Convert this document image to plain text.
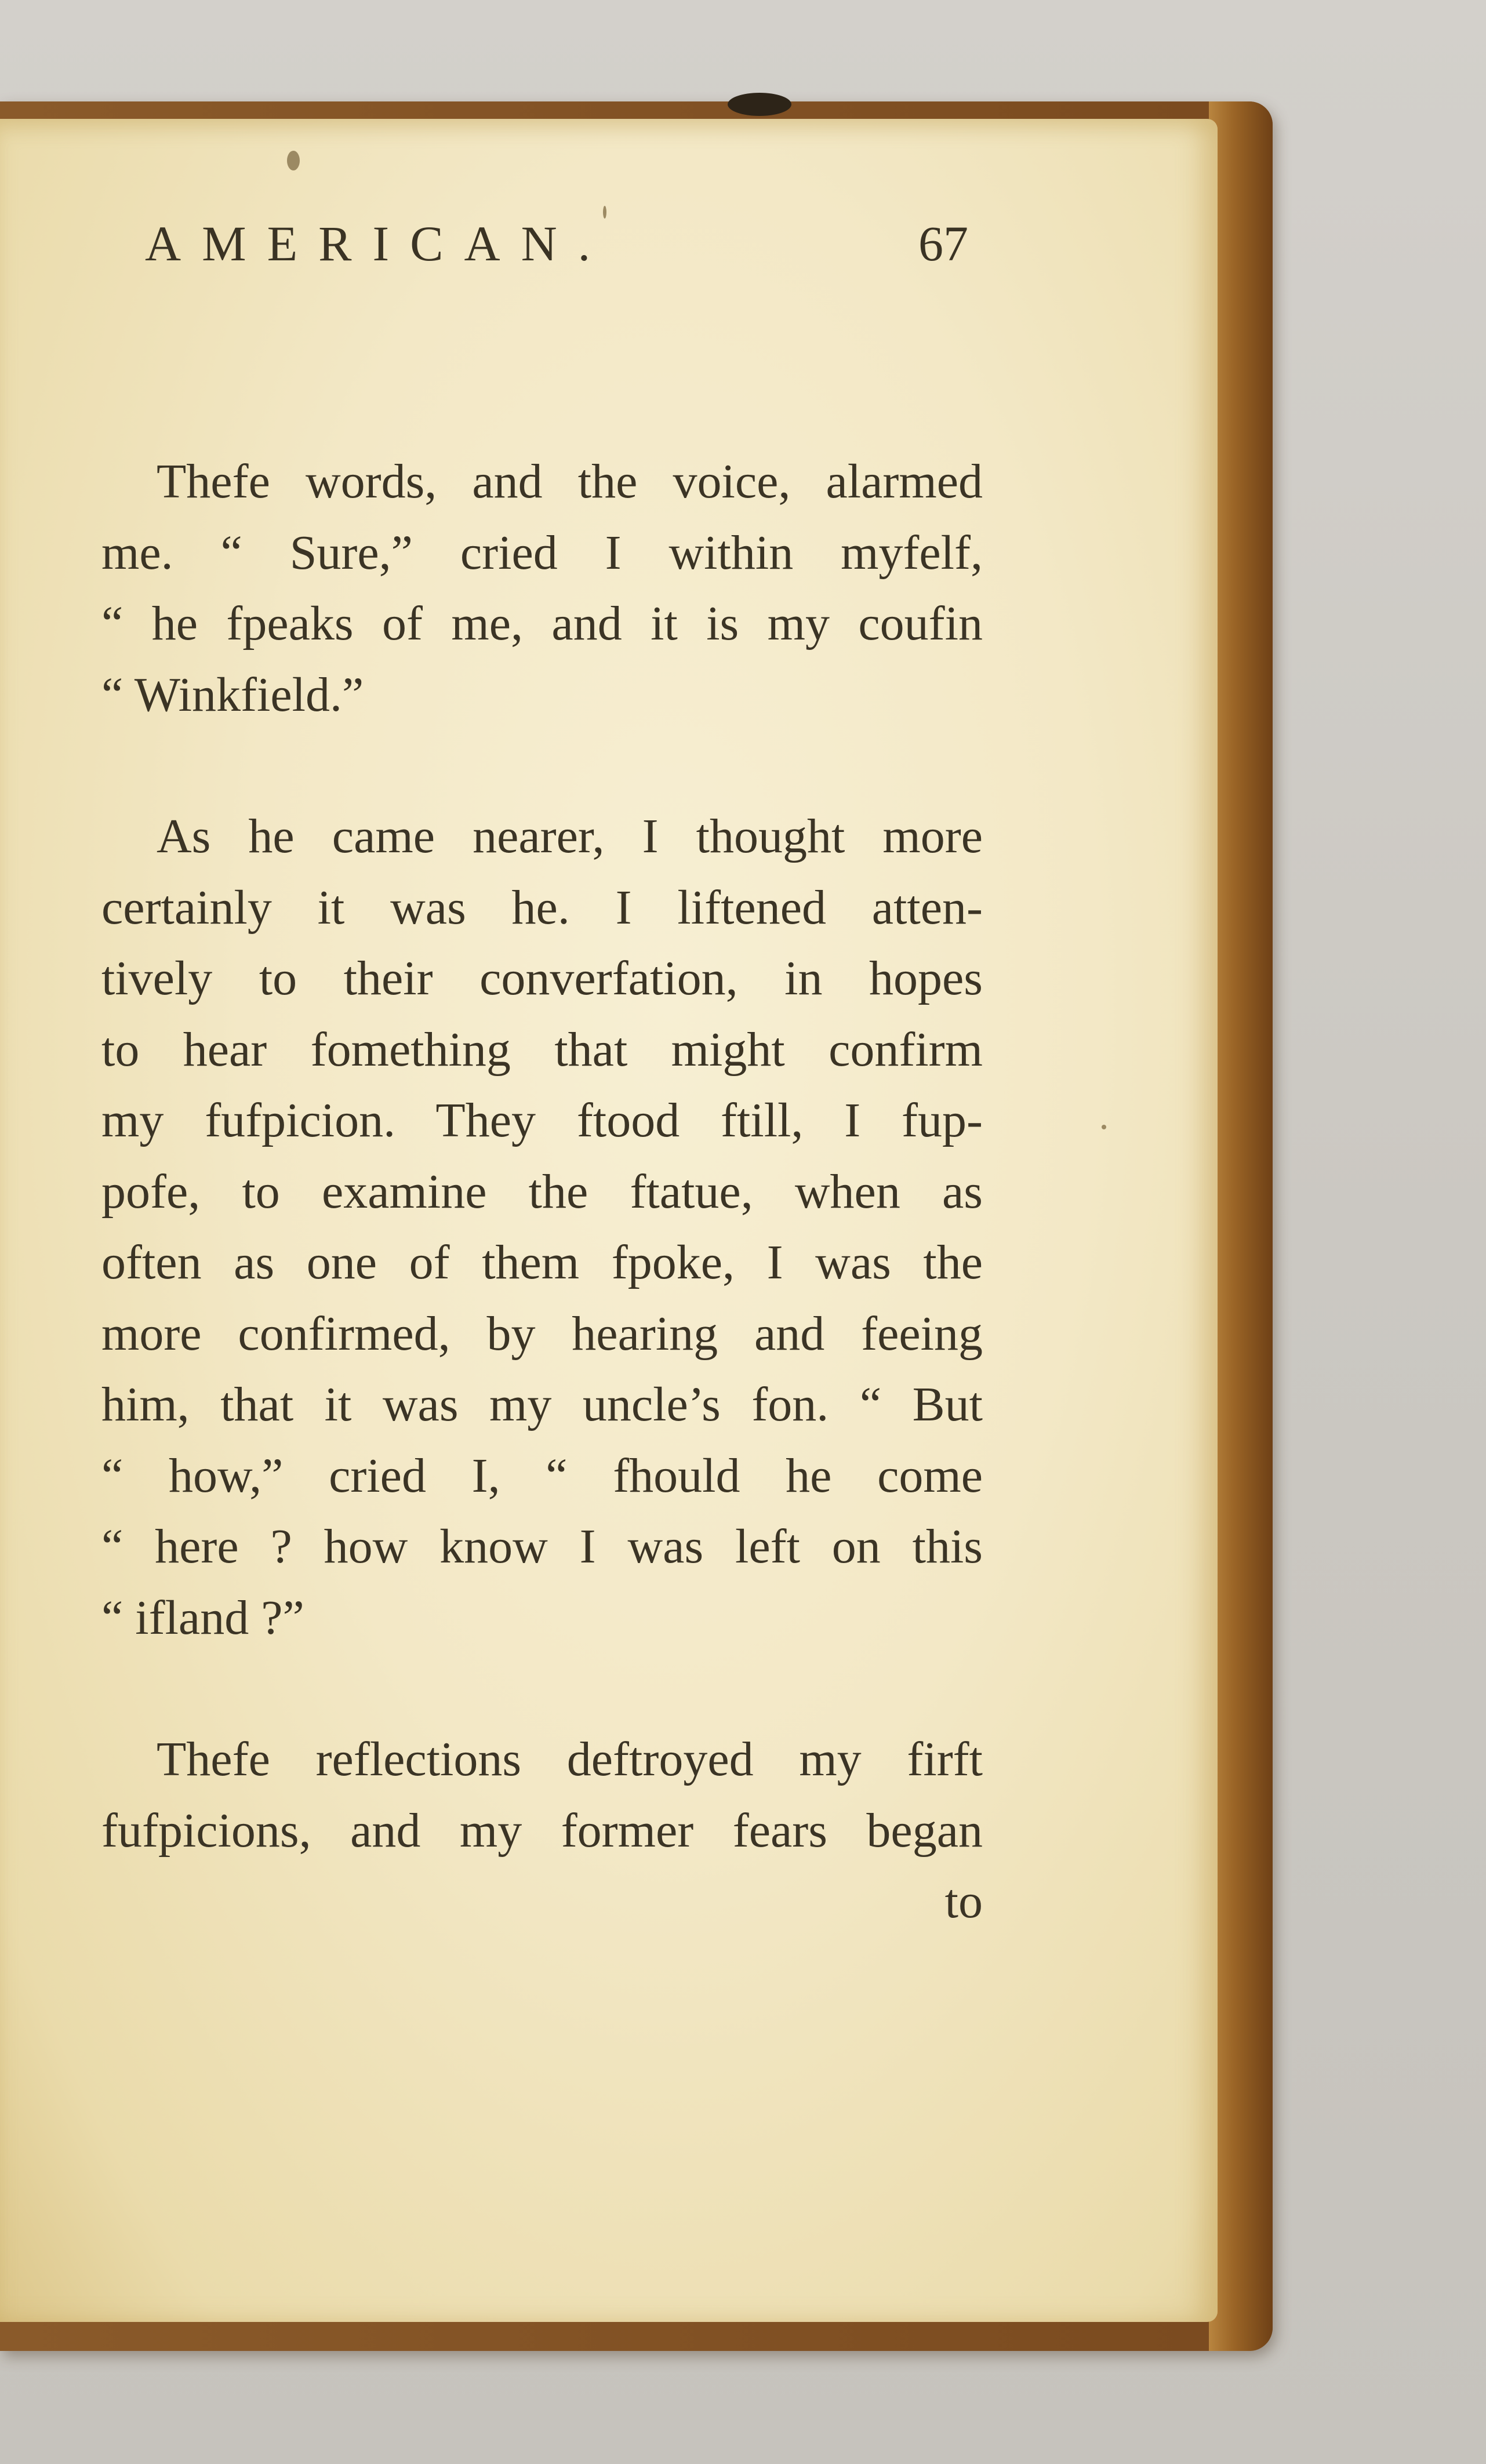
AMERICAN.	67

Thefe words, and the voice, alarmed
me. “ Sure,” cried I within myfelf,
“ he fpeaks of me, and it is my coufin
“ Winkfield.”

As he came nearer, I thought more
certainly it was he. I liftened atten-
tively to their converfation, in hopes
to hear fomething that might confirm
my fufpicion. They ftood ftill, I fup-
pofe, to examine the ftatue, when as
often as one of them fpoke, I was the
more confirmed, by hearing and feeing
him, that it was my uncle’s fon. “ But
“ how,” cried I, “ fhould he come
“ here ? how know I was left on this
“ ifland ?”

Thefe reflections deftroyed my firft
fufpicions, and my former fears began

to
